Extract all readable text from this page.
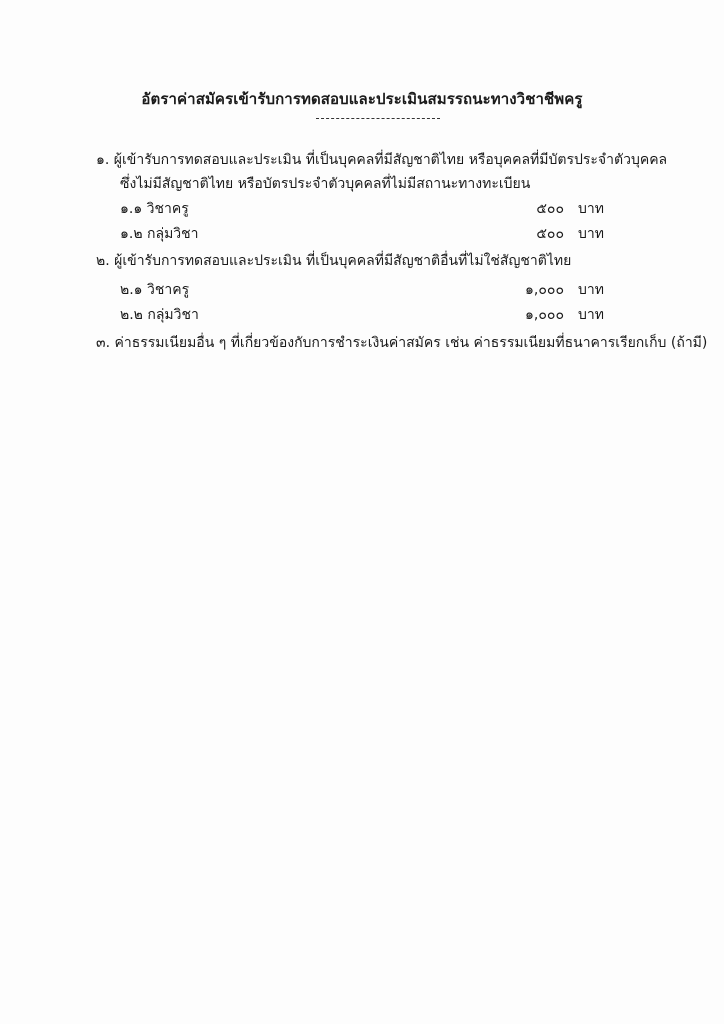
อัตราค่าสมัครเข้ารับการทดสอบและประเมินสมรรถนะทางวิชาชีพครู
๑. ผู้เข้ารับการทดสอบและประเมิน ที่เป็นบุคคลที่มีสัญชาติไทย หรือบุคคลที่มีบัตรประจำตัวบุคคล
ซึ่งไม่มีสัญชาติไทย หรือบัตรประจำตัวบุคคลที่ไม่มีสถานะทางทะเบียน
๑.๑ วิชาครู	๕๐๐ บาท
๑.๒ กลุ่มวิชา	๕๐๐ บาท
๒. ผู้เข้ารับการทดสอบและประเมิน ที่เป็นบุคคลที่มีสัญชาติอื่นที่ไม่ใช่สัญชาติไทย
๒.๑ วิชาครู	๑,๐๐๐ บาท
๒.๒ กลุ่มวิชา	๑,๐๐๐ บาท
๓. ค่าธรรมเนียมอื่น ๆ ที่เกี่ยวข้องกับการชำระเงินค่าสมัคร เช่น ค่าธรรมเนียมที่ธนาคารเรียกเก็บ (ถ้ามี)
